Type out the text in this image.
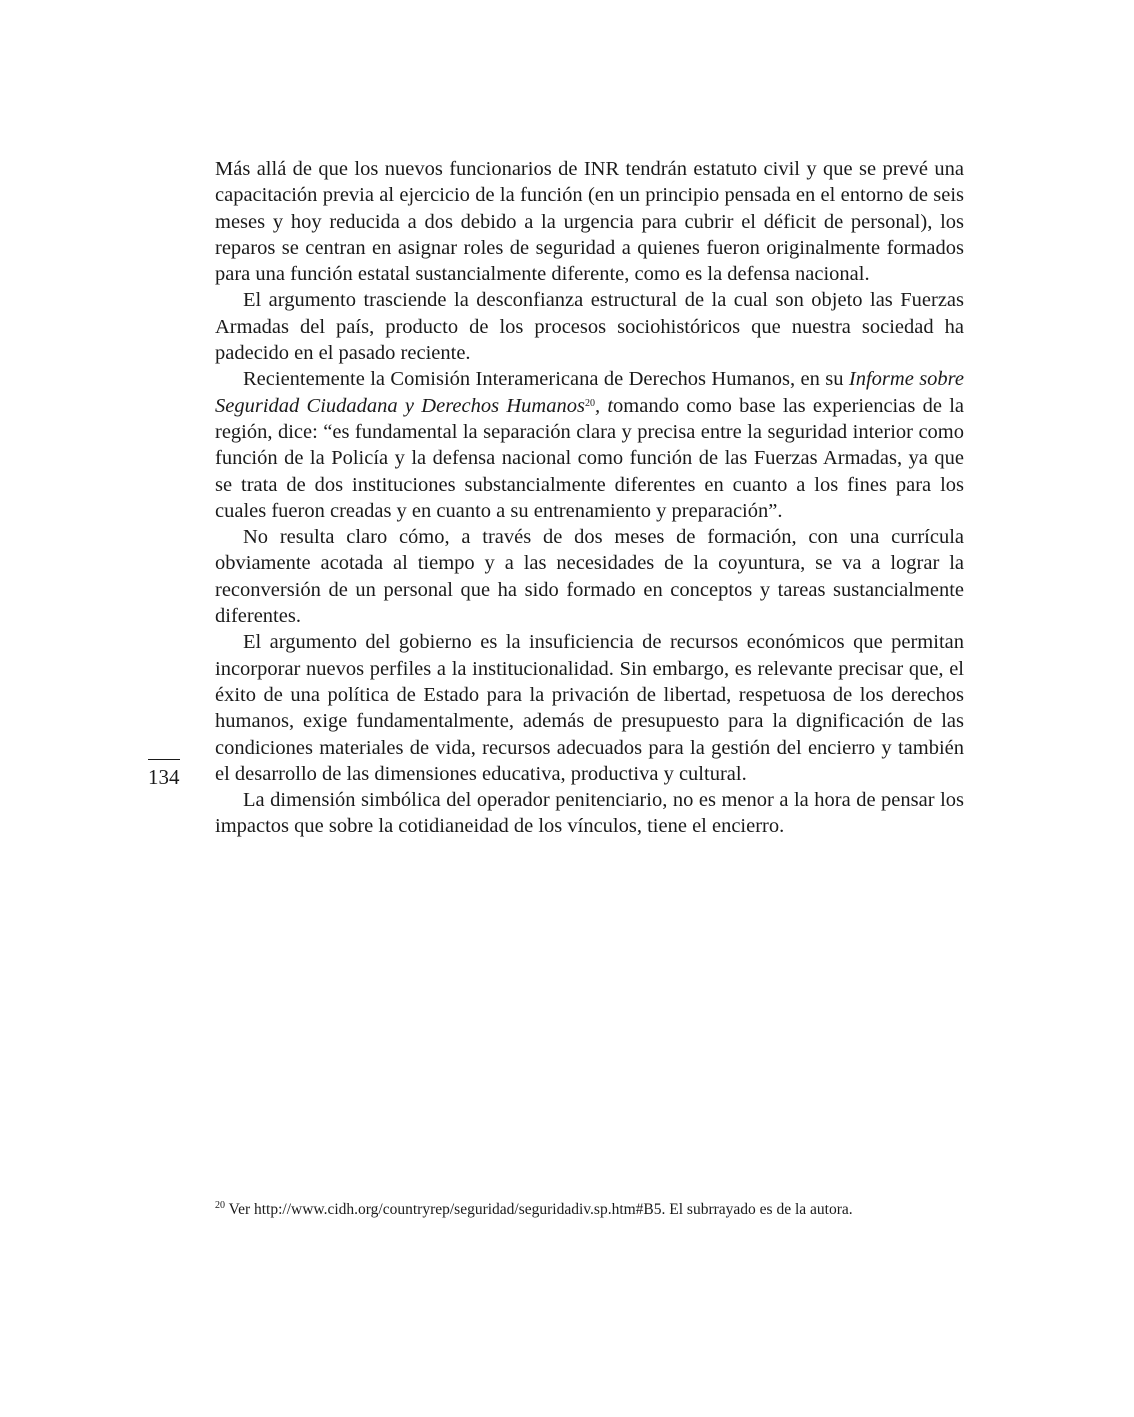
Más allá de que los nuevos funcionarios de INR tendrán estatuto civil y que se prevé una capacitación previa al ejercicio de la función (en un principio pensada en el entorno de seis meses y hoy reducida a dos debido a la urgencia para cubrir el déficit de personal), los reparos se centran en asignar roles de seguridad a quienes fueron originalmente formados para una función estatal sustancialmente diferente, como es la defensa nacional.

El argumento trasciende la desconfianza estructural de la cual son objeto las Fuerzas Armadas del país, producto de los procesos sociohistóricos que nuestra sociedad ha padecido en el pasado reciente.

Recientemente la Comisión Interamericana de Derechos Humanos, en su Informe sobre Seguridad Ciudadana y Derechos Humanos$^{20}$, tomando como base las experiencias de la región, dice: “es fundamental la separación clara y precisa entre la seguridad interior como función de la Policía y la defensa nacional como función de las Fuerzas Armadas, ya que se trata de dos instituciones substancialmente diferentes en cuanto a los fines para los cuales fueron creadas y en cuanto a su entrenamiento y preparación”.

No resulta claro cómo, a través de dos meses de formación, con una currícula obviamente acotada al tiempo y a las necesidades de la coyuntura, se va a lograr la reconversión de un personal que ha sido formado en conceptos y tareas sustancialmente diferentes.

El argumento del gobierno es la insuficiencia de recursos económicos que permitan incorporar nuevos perfiles a la institucionalidad. Sin embargo, es relevante precisar que, el éxito de una política de Estado para la privación de libertad, respetuosa de los derechos humanos, exige fundamentalmente, además de presupuesto para la dignificación de las condiciones materiales de vida, recursos adecuados para la gestión del encierro y también el desarrollo de las dimensiones educativa, productiva y cultural.

La dimensión simbólica del operador penitenciario, no es menor a la hora de pensar los impactos que sobre la cotidianeidad de los vínculos, tiene el encierro.

134
$^{20}$ Ver http://www.cidh.org/countryrep/seguridad/seguridadiv.sp.htm#B5. El subrrayado es de la autora.
